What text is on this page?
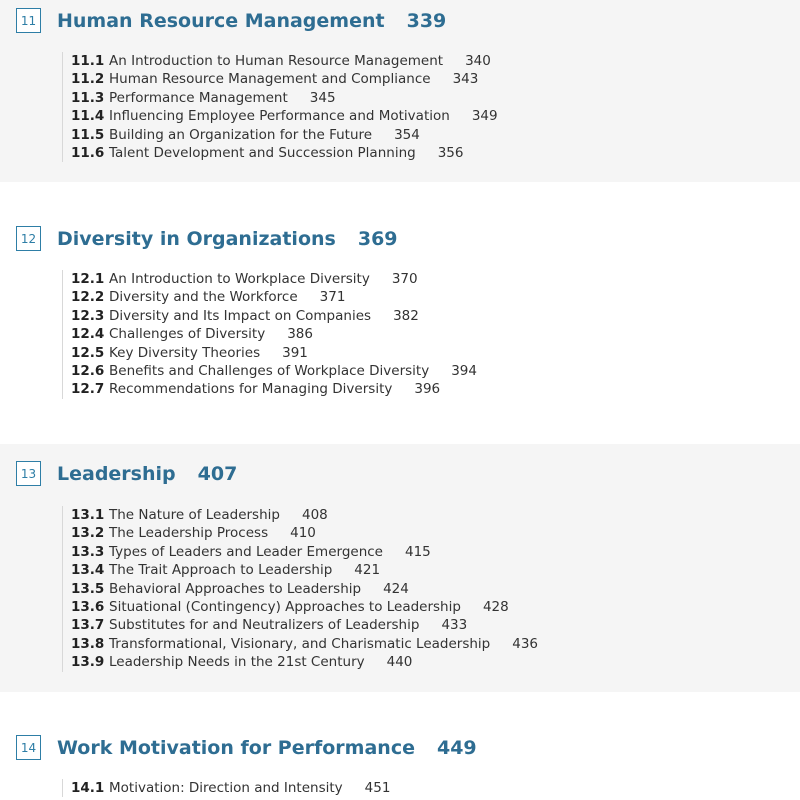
11 Human Resource Management 339
11.1 An Introduction to Human Resource Management 340
11.2 Human Resource Management and Compliance 343
11.3 Performance Management 345
11.4 Influencing Employee Performance and Motivation 349
11.5 Building an Organization for the Future 354
11.6 Talent Development and Succession Planning 356
12 Diversity in Organizations 369
12.1 An Introduction to Workplace Diversity 370
12.2 Diversity and the Workforce 371
12.3 Diversity and Its Impact on Companies 382
12.4 Challenges of Diversity 386
12.5 Key Diversity Theories 391
12.6 Benefits and Challenges of Workplace Diversity 394
12.7 Recommendations for Managing Diversity 396
13 Leadership 407
13.1 The Nature of Leadership 408
13.2 The Leadership Process 410
13.3 Types of Leaders and Leader Emergence 415
13.4 The Trait Approach to Leadership 421
13.5 Behavioral Approaches to Leadership 424
13.6 Situational (Contingency) Approaches to Leadership 428
13.7 Substitutes for and Neutralizers of Leadership 433
13.8 Transformational, Visionary, and Charismatic Leadership 436
13.9 Leadership Needs in the 21st Century 440
14 Work Motivation for Performance 449
14.1 Motivation: Direction and Intensity 451
